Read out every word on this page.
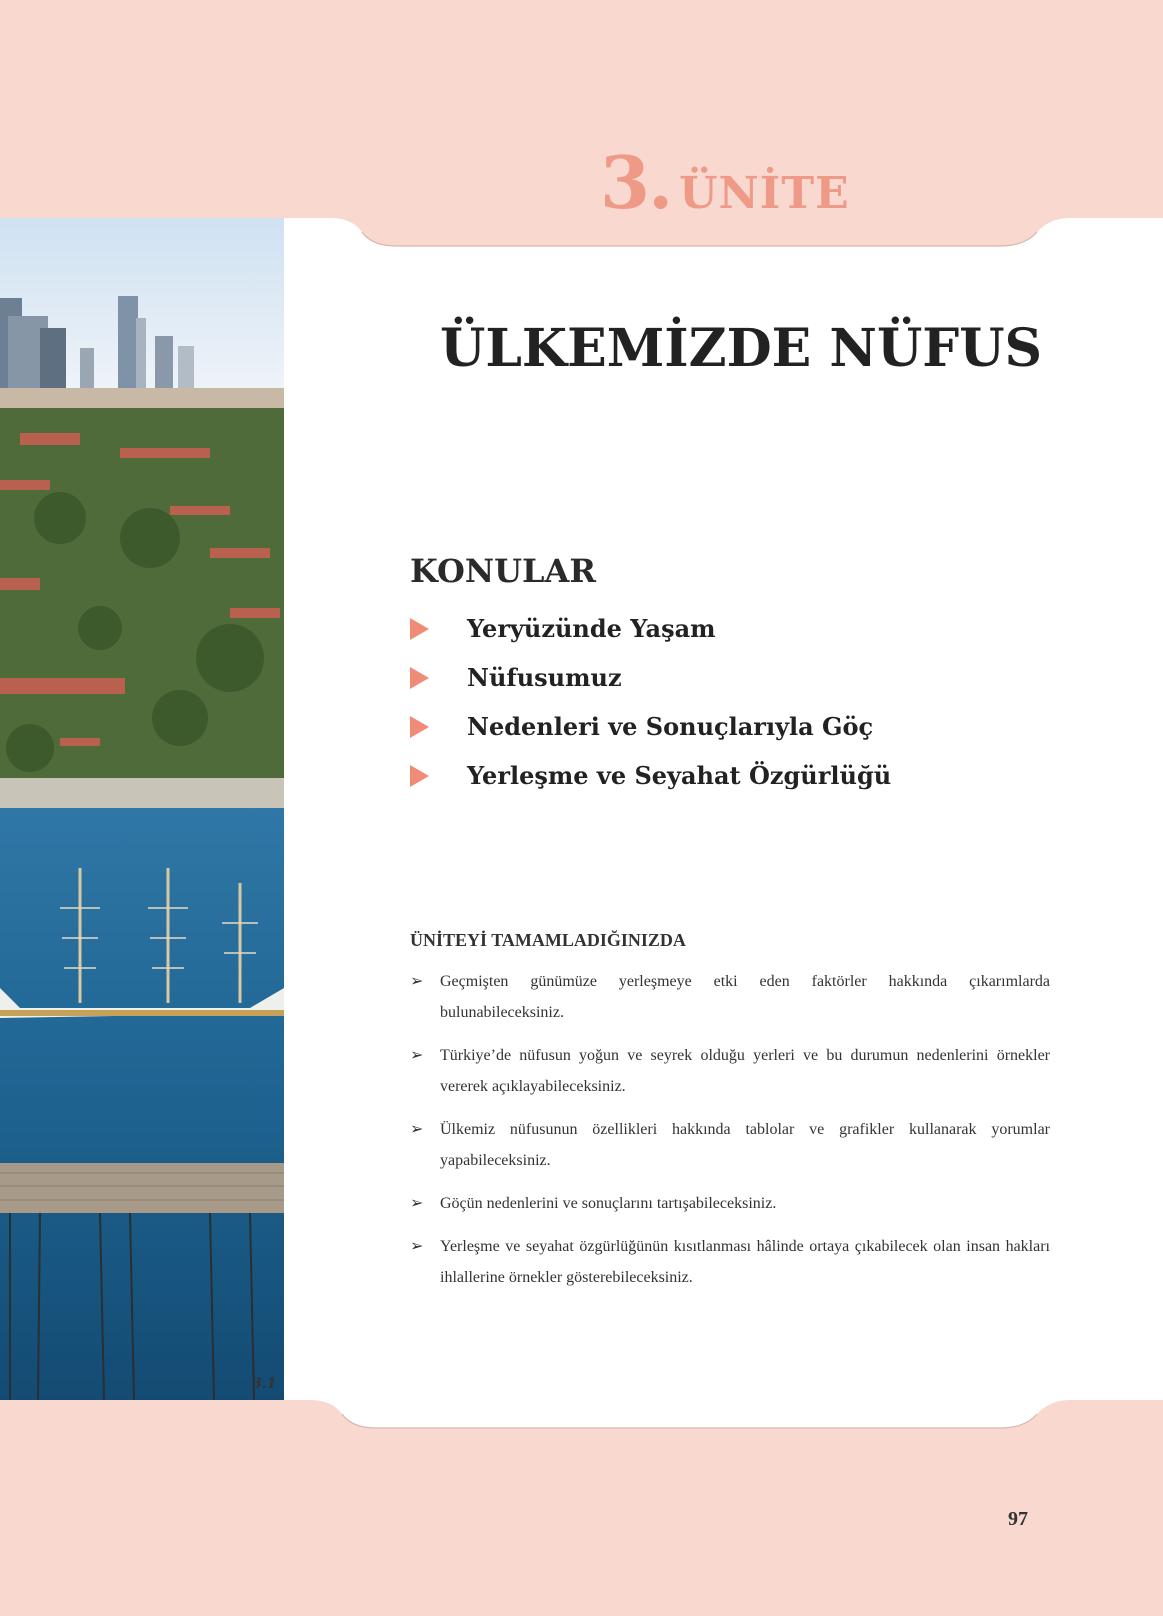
3. ÜNİTE
3.1
ÜLKEMİZDE NÜFUS
KONULAR
Yeryüzünde Yaşam
Nüfusumuz
Nedenleri ve Sonuçlarıyla Göç
Yerleşme ve Seyahat Özgürlüğü
ÜNİTEYİ TAMAMLADIĞINIZDA
➢	Geçmişten günümüze yerleşmeye etki eden faktörler hakkında çıkarımlarda bulunabileceksiniz.
➢	Türkiye’de nüfusun yoğun ve seyrek olduğu yerleri ve bu durumun nedenlerini örnekler vererek açıklayabileceksiniz.
➢	Ülkemiz nüfusunun özellikleri hakkında tablolar ve grafikler kullanarak yorumlar yapabileceksiniz.
➢	Göçün nedenlerini ve sonuçlarını tartışabileceksiniz.
➢	Yerleşme ve seyahat özgürlüğünün kısıtlanması hâlinde ortaya çıkabilecek olan insan hakları ihlallerine örnekler gösterebileceksiniz.
97
